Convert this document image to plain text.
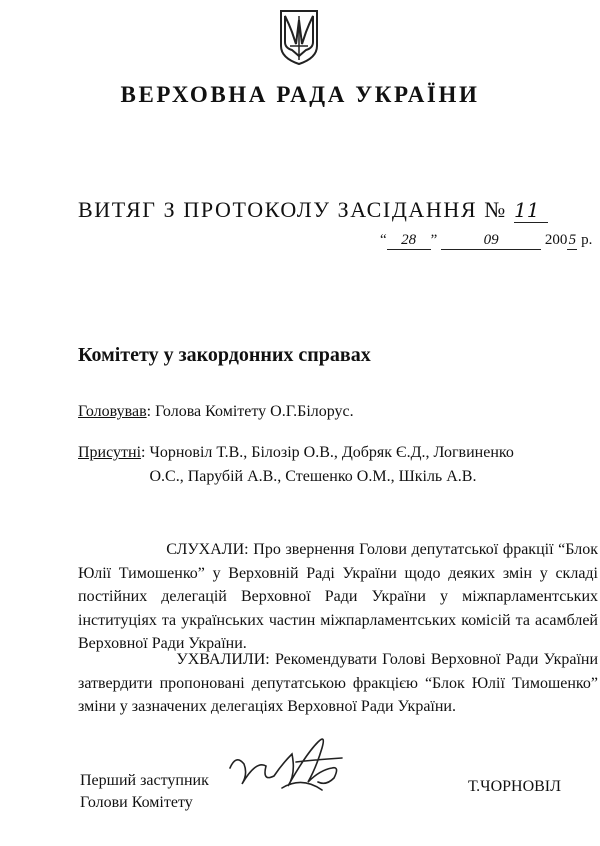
ВЕРХОВНА РАДА УКРАЇНИ
ВИТЯГ З ПРОТОКОЛУ ЗАСІДАННЯ № 11
“ 28 ”	09	2005 р.
Комітету у закордонних справах
Головував: Голова Комітету О.Г.Білорус.
Присутні: Чорновіл Т.В., Білозір О.В., Добряк Є.Д., Логвиненко О.С., Парубій А.В., Стешенко О.М., Шкіль А.В.
СЛУХАЛИ: Про звернення Голови депутатської фракції “Блок Юлії Тимошенко” у Верховній Раді України щодо деяких змін у складі постійних делегацій Верховної Ради України у міжпарламентських інституціях та українських частин міжпарламентських комісій та асамблей Верховної Ради України.
УХВАЛИЛИ: Рекомендувати Голові Верховної Ради України затвердити пропоновані депутатською фракцією “Блок Юлії Тимошенко” зміни у зазначених делегаціях Верховної Ради України.
Перший заступник
Голови Комітету
Т.ЧОРНОВІЛ
